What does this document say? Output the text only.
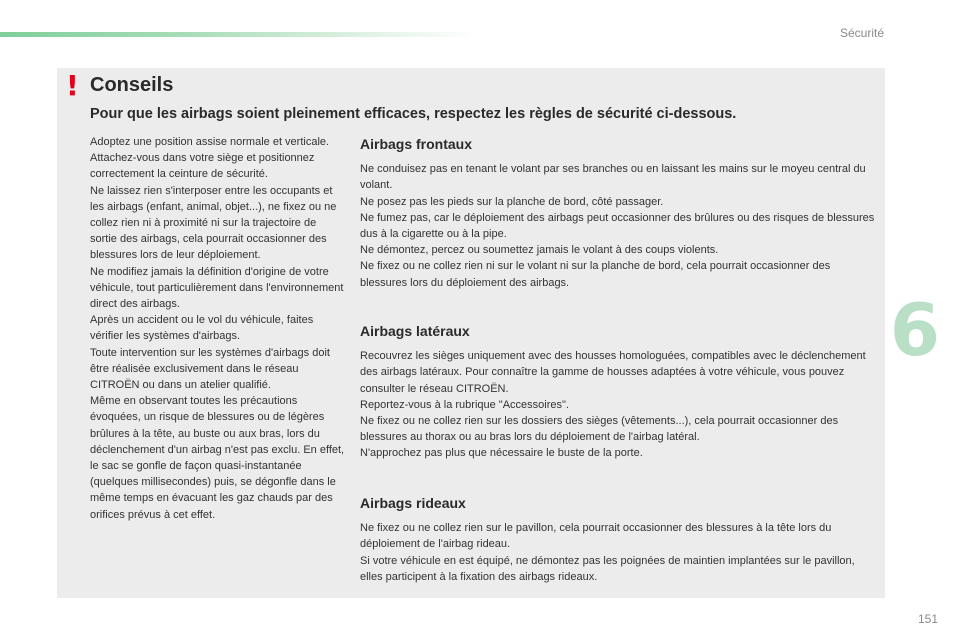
Sécurité
6
! Conseils

Pour que les airbags soient pleinement efficaces, respectez les règles de sécurité ci-dessous.

Adoptez une position assise normale et verticale.

Attachez-vous dans votre siège et positionnez correctement la ceinture de sécurité.

Ne laissez rien s'interposer entre les occupants et les airbags (enfant, animal, objet...), ne fixez ou ne collez rien ni à proximité ni sur la trajectoire de sortie des airbags, cela pourrait occasionner des blessures lors de leur déploiement.

Ne modifiez jamais la définition d'origine de votre véhicule, tout particulièrement dans l'environnement direct des airbags.

Après un accident ou le vol du véhicule, faites vérifier les systèmes d'airbags.

Toute intervention sur les systèmes d'airbags doit être réalisée exclusivement dans le réseau CITROËN ou dans un atelier qualifié.

Même en observant toutes les précautions évoquées, un risque de blessures ou de légères brûlures à la tête, au buste ou aux bras, lors du déclenchement d'un airbag n'est pas exclu. En effet, le sac se gonfle de façon quasi-instantanée (quelques millisecondes) puis, se dégonfle dans le même temps en évacuant les gaz chauds par des orifices prévus à cet effet.

Airbags frontaux

Ne conduisez pas en tenant le volant par ses branches ou en laissant les mains sur le moyeu central du volant.

Ne posez pas les pieds sur la planche de bord, côté passager.

Ne fumez pas, car le déploiement des airbags peut occasionner des brûlures ou des risques de blessures dus à la cigarette ou à la pipe.

Ne démontez, percez ou soumettez jamais le volant à des coups violents.

Ne fixez ou ne collez rien ni sur le volant ni sur la planche de bord, cela pourrait occasionner des blessures lors du déploiement des airbags.

Airbags latéraux

Recouvrez les sièges uniquement avec des housses homologuées, compatibles avec le déclenchement des airbags latéraux. Pour connaître la gamme de housses adaptées à votre véhicule, vous pouvez consulter le réseau CITROËN.

Reportez-vous à la rubrique "Accessoires".

Ne fixez ou ne collez rien sur les dossiers des sièges (vêtements...), cela pourrait occasionner des blessures au thorax ou au bras lors du déploiement de l'airbag latéral.

N'approchez pas plus que nécessaire le buste de la porte.

Airbags rideaux

Ne fixez ou ne collez rien sur le pavillon, cela pourrait occasionner des blessures à la tête lors du déploiement de l'airbag rideau.

Si votre véhicule en est équipé, ne démontez pas les poignées de maintien implantées sur le pavillon, elles participent à la fixation des airbags rideaux.

151
